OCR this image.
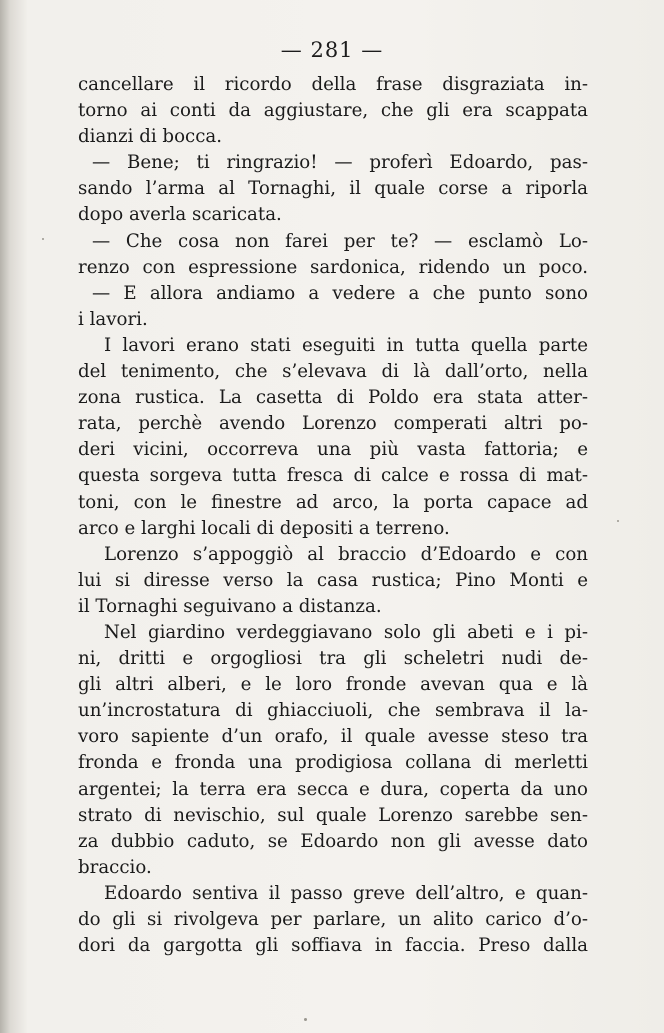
— 281 —
cancellare il ricordo della frase disgraziata in-
torno ai conti da aggiustare, che gli era scappata
dianzi di bocca.
— Bene; ti ringrazio! — proferì Edoardo, pas-
sando l’arma al Tornaghi, il quale corse a riporla
dopo averla scaricata.
— Che cosa non farei per te? — esclamò Lo-
renzo con espressione sardonica, ridendo un poco.
— E allora andiamo a vedere a che punto sono
i lavori.
I lavori erano stati eseguiti in tutta quella parte
del tenimento, che s’elevava di là dall’orto, nella
zona rustica. La casetta di Poldo era stata atter-
rata, perchè avendo Lorenzo comperati altri po-
deri vicini, occorreva una più vasta fattoria; e
questa sorgeva tutta fresca di calce e rossa di mat-
toni, con le finestre ad arco, la porta capace ad
arco e larghi locali di depositi a terreno.
Lorenzo s’appoggiò al braccio d’Edoardo e con
lui si diresse verso la casa rustica; Pino Monti e
il Tornaghi seguivano a distanza.
Nel giardino verdeggiavano solo gli abeti e i pi-
ni, dritti e orgogliosi tra gli scheletri nudi de-
gli altri alberi, e le loro fronde avevan qua e là
un’incrostatura di ghiacciuoli, che sembrava il la-
voro sapiente d’un orafo, il quale avesse steso tra
fronda e fronda una prodigiosa collana di merletti
argentei; la terra era secca e dura, coperta da uno
strato di nevischio, sul quale Lorenzo sarebbe sen-
za dubbio caduto, se Edoardo non gli avesse dato
braccio.
Edoardo sentiva il passo greve dell’altro, e quan-
do gli si rivolgeva per parlare, un alito carico d’o-
dori da gargotta gli soffiava in faccia. Preso dalla
